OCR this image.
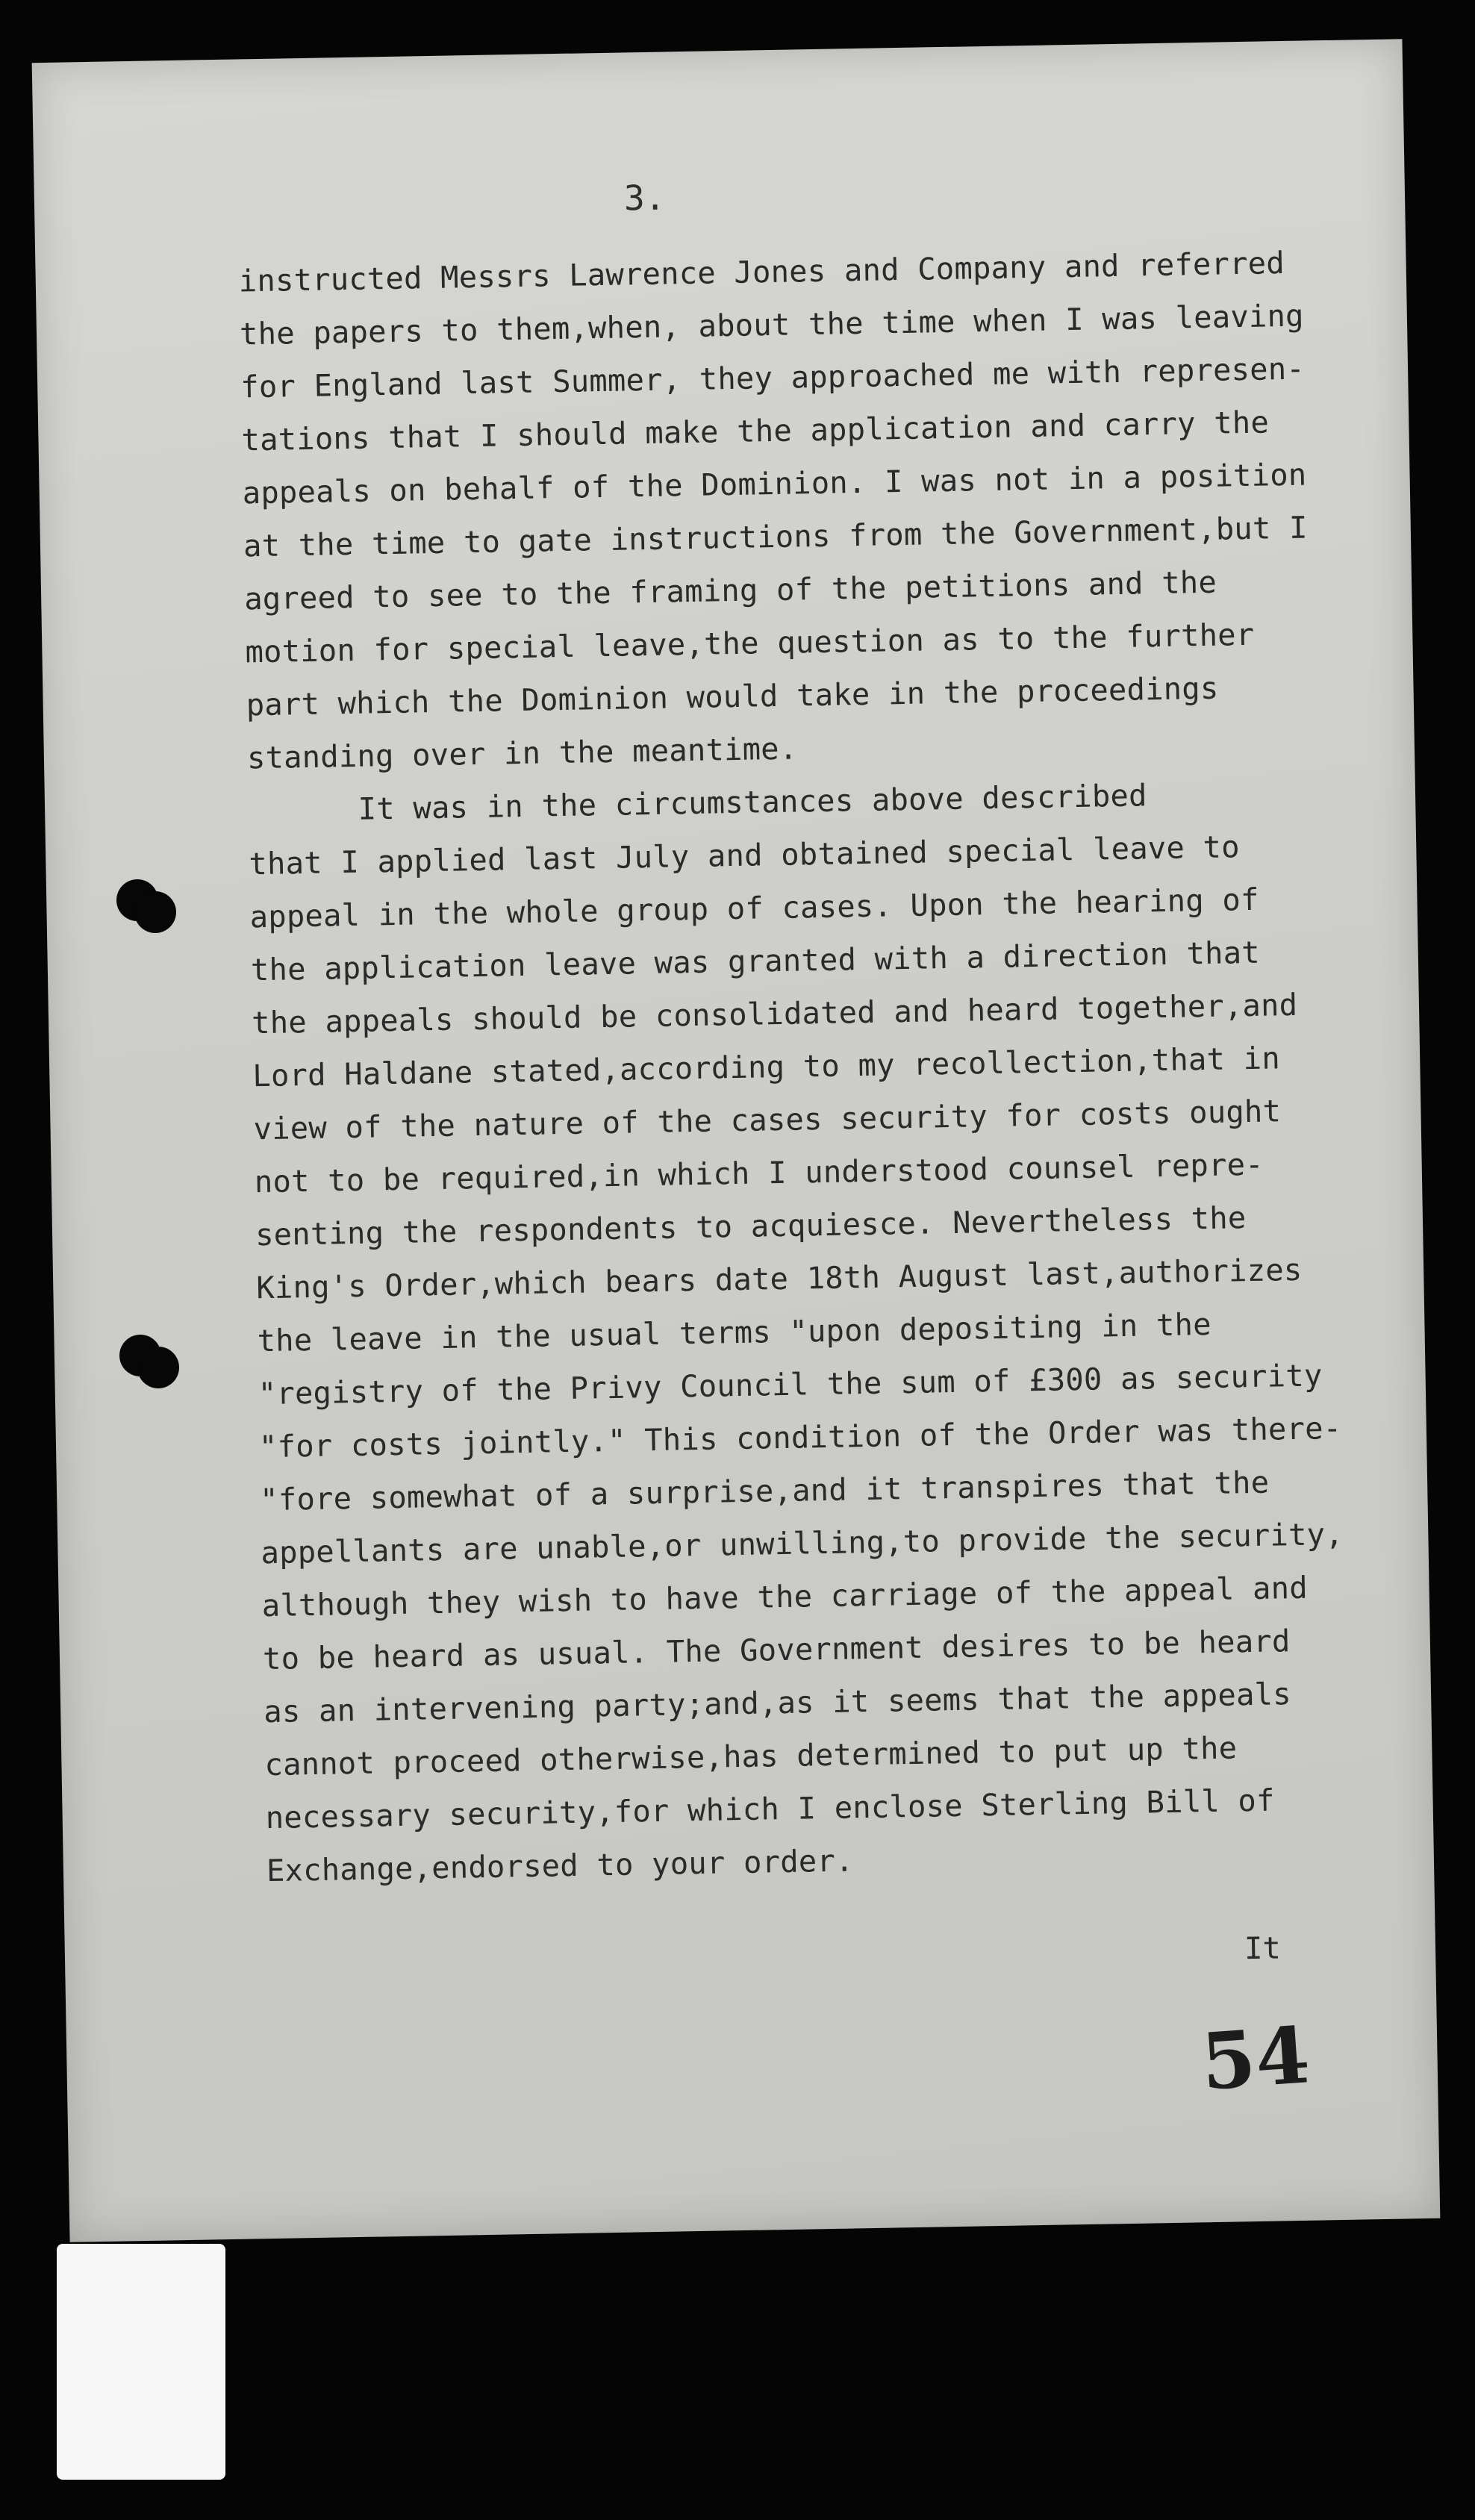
3.
instructed Messrs Lawrence Jones and Company and referred
the papers to them,when, about the time when I was leaving
for England last Summer, they approached me with represen-
tations that I should make the application and carry the
appeals on behalf of the Dominion. I was not in a position
at the time to gate instructions from the Government,but I
agreed to see to the framing of the petitions and the
motion for special leave,the question as to the further
part which the Dominion would take in the proceedings
standing over in the meantime.
It was in the circumstances above described
that I applied last July and obtained special leave to
appeal in the whole group of cases. Upon the hearing of
the application leave was granted with a direction that
the appeals should be consolidated and heard together,and
Lord Haldane stated,according to my recollection,that in
view of the nature of the cases security for costs ought
not to be required,in which I understood counsel repre-
senting the respondents to acquiesce. Nevertheless the
King's Order,which bears date 18th August last,authorizes
the leave in the usual terms "upon depositing in the
"registry of the Privy Council the sum of £300 as security
"for costs jointly." This condition of the Order was there-
"fore somewhat of a surprise,and it transpires that the
appellants are unable,or unwilling,to provide the security,
although they wish to have the carriage of the appeal and
to be heard as usual. The Government desires to be heard
as an intervening party;and,as it seems that the appeals
cannot proceed otherwise,has determined to put up the
necessary security,for which I enclose Sterling Bill of
Exchange,endorsed to your order.
It
54
